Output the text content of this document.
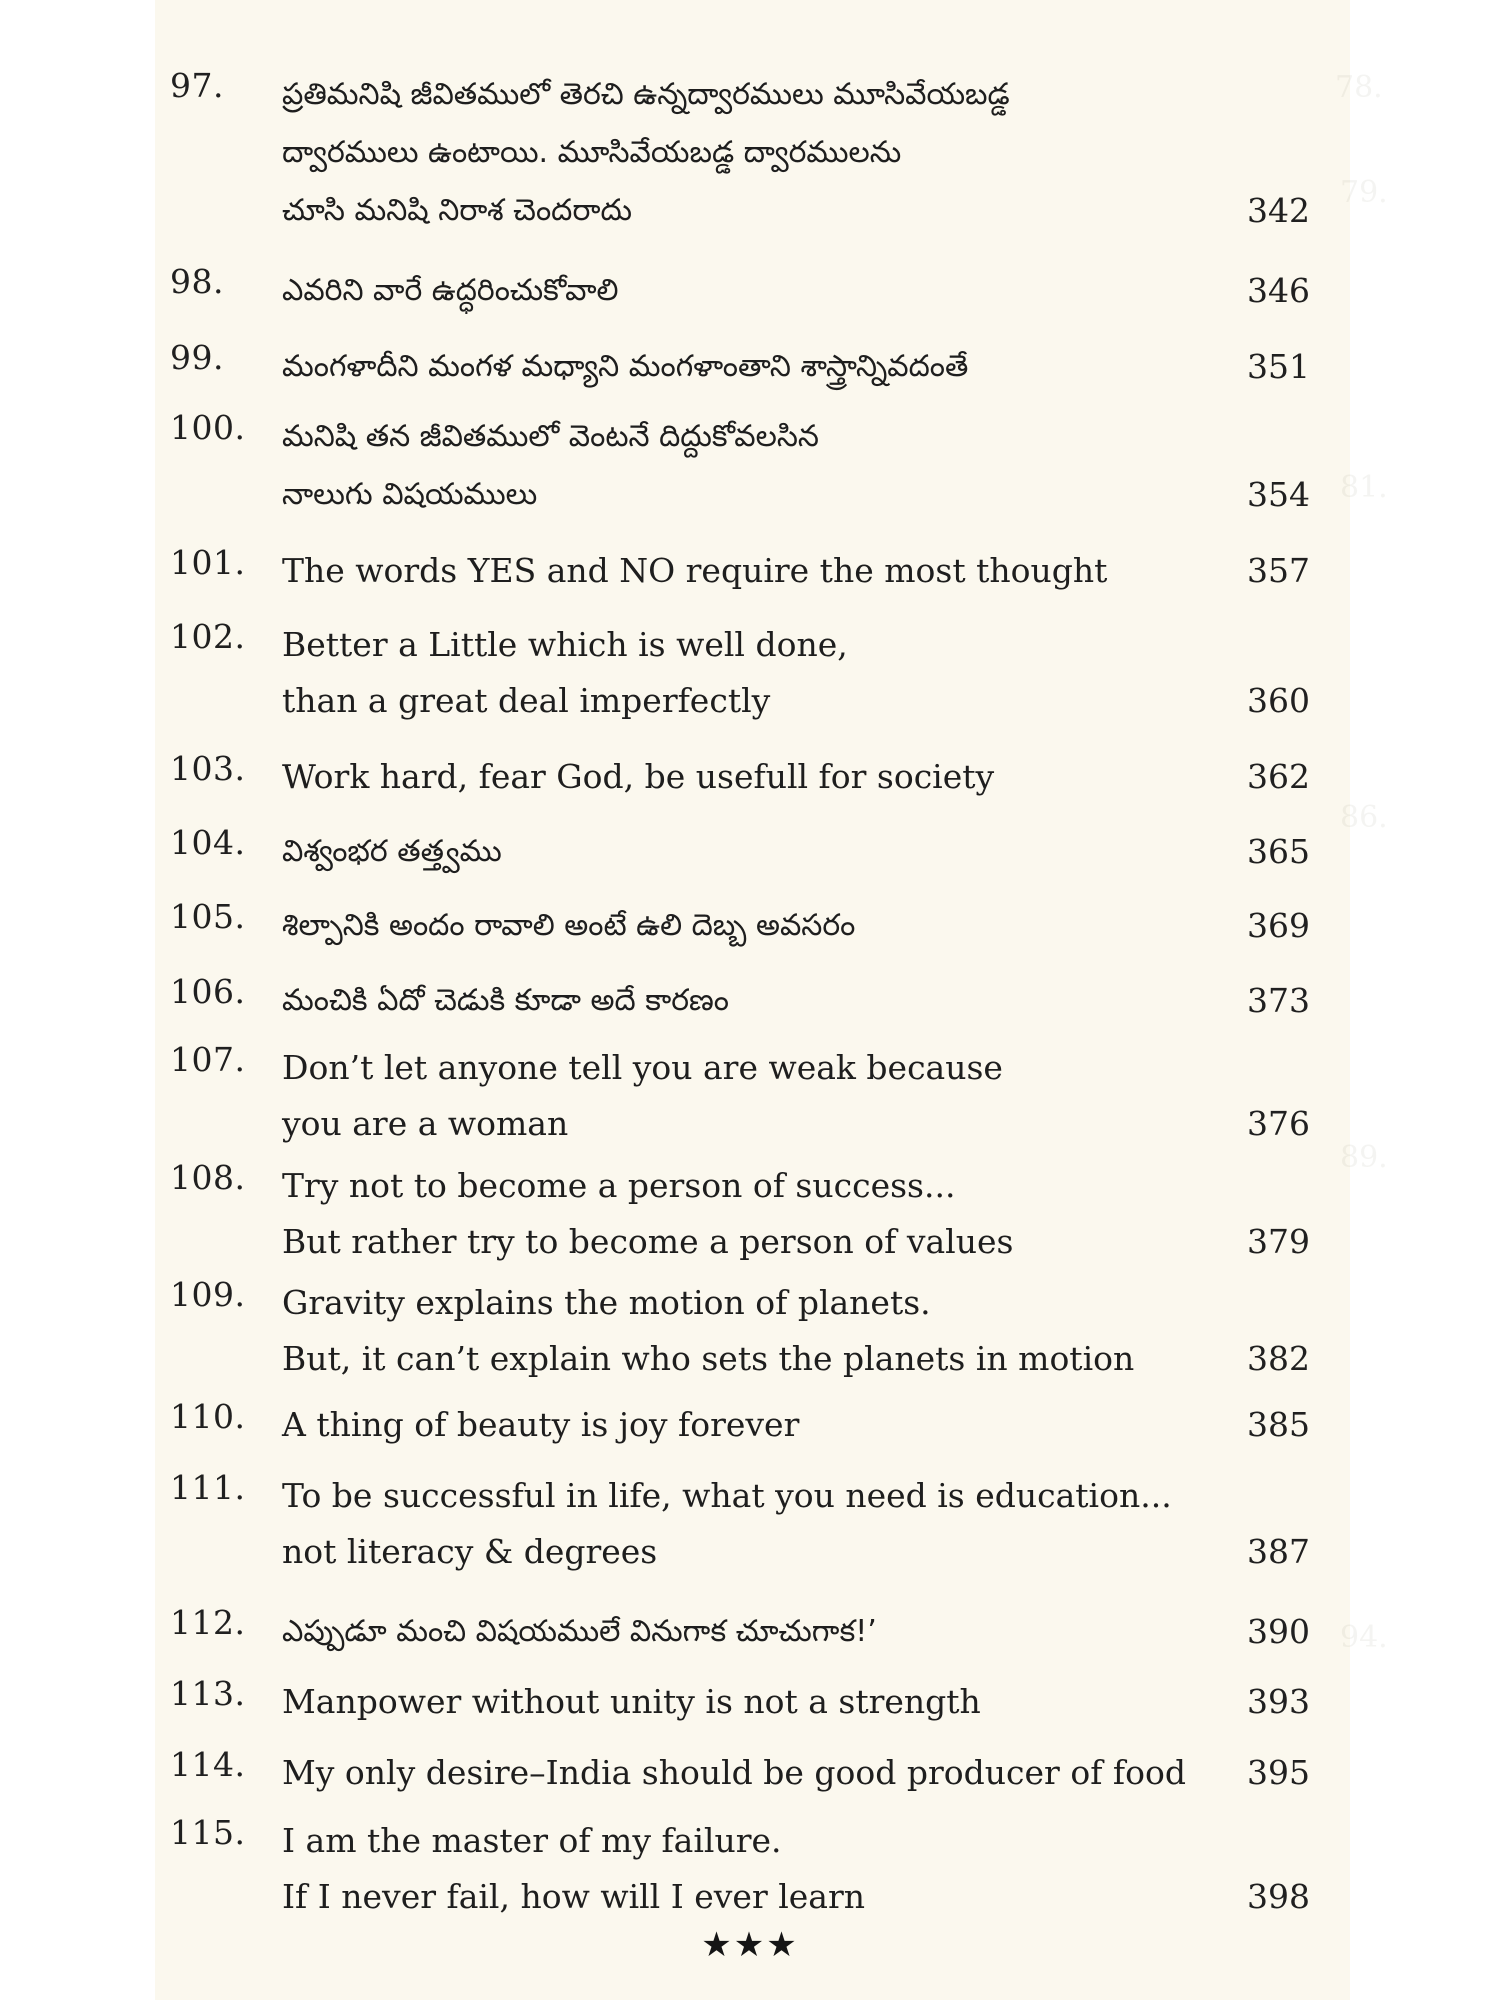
78.
79.
81.
86.
89.
94.
97. ప్రతిమనిషి జీవితములో తెరచి ఉన్నద్వారములు మూసివేయబడ్డ
ద్వారములు ఉంటాయి. మూసివేయబడ్డ ద్వారములను
చూసి మనిషి నిరాశ చెందరాదు	342
98. ఎవరిని వారే ఉద్ధరించుకోవాలి	346
99. మంగళాదీని మంగళ మధ్యాని మంగళాంతాని శాస్త్రాన్నివదంతే	351
100. మనిషి తన జీవితములో వెంటనే దిద్దుకోవలసిన
నాలుగు విషయములు	354
101. The words YES and NO require the most thought	357
102. Better a Little which is well done,
than a great deal imperfectly	360
103. Work hard, fear God, be usefull for society	362
104. విశ్వంభర తత్త్వము	365
105. శిల్పానికి అందం రావాలి అంటే ఉలి దెబ్బ అవసరం	369
106. మంచికి ఏదో చెడుకి కూడా అదే కారణం	373
107. Don’t let anyone tell you are weak because
you are a woman	376
108. Try not to become a person of success...
But rather try to become a person of values	379
109. Gravity explains the motion of planets.
But, it can’t explain who sets the planets in motion	382
110. A thing of beauty is joy forever	385
111. To be successful in life, what you need is education...
not literacy & degrees	387
112. ఎప్పుడూ మంచి విషయములే వినుగాక చూచుగాక!’	390
113. Manpower without unity is not a strength	393
114. My only desire–India should be good producer of food	395
115. I am the master of my failure.
If I never fail, how will I ever learn	398
★★★
